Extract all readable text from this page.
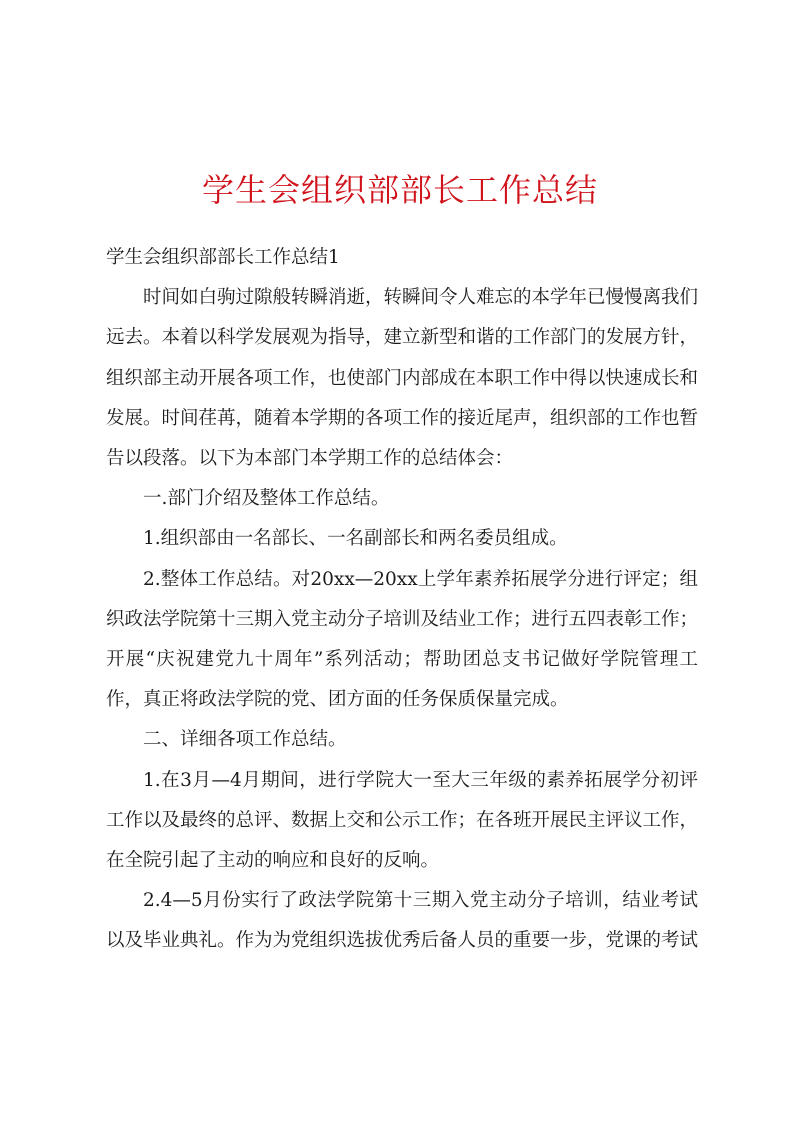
学生会组织部部长工作总结

学生会组织部部长工作总结1

时间如白驹过隙般转瞬消逝，转瞬间令人难忘的本学年已慢慢离我们远去。本着以科学发展观为指导，建立新型和谐的工作部门的发展方针，组织部主动开展各项工作，也使部门内部成在本职工作中得以快速成长和发展。时间荏苒，随着本学期的各项工作的接近尾声，组织部的工作也暂告以段落。以下为本部门本学期工作的总结体会：

一.部门介绍及整体工作总结。

1.组织部由一名部长、一名副部长和两名委员组成。

2.整体工作总结。对20xx—20xx上学年素养拓展学分进行评定；组织政法学院第十三期入党主动分子培训及结业工作；进行五四表彰工作；开展“庆祝建党九十周年”系列活动；帮助团总支书记做好学院管理工作，真正将政法学院的党、团方面的任务保质保量完成。

二、详细各项工作总结。

1.在3月—4月期间，进行学院大一至大三年级的素养拓展学分初评工作以及最终的总评、数据上交和公示工作；在各班开展民主评议工作，在全院引起了主动的响应和良好的反响。

2.4—5月份实行了政法学院第十三期入党主动分子培训，结业考试以及毕业典礼。作为为党组织选拔优秀后备人员的重要一步，党课的考试
